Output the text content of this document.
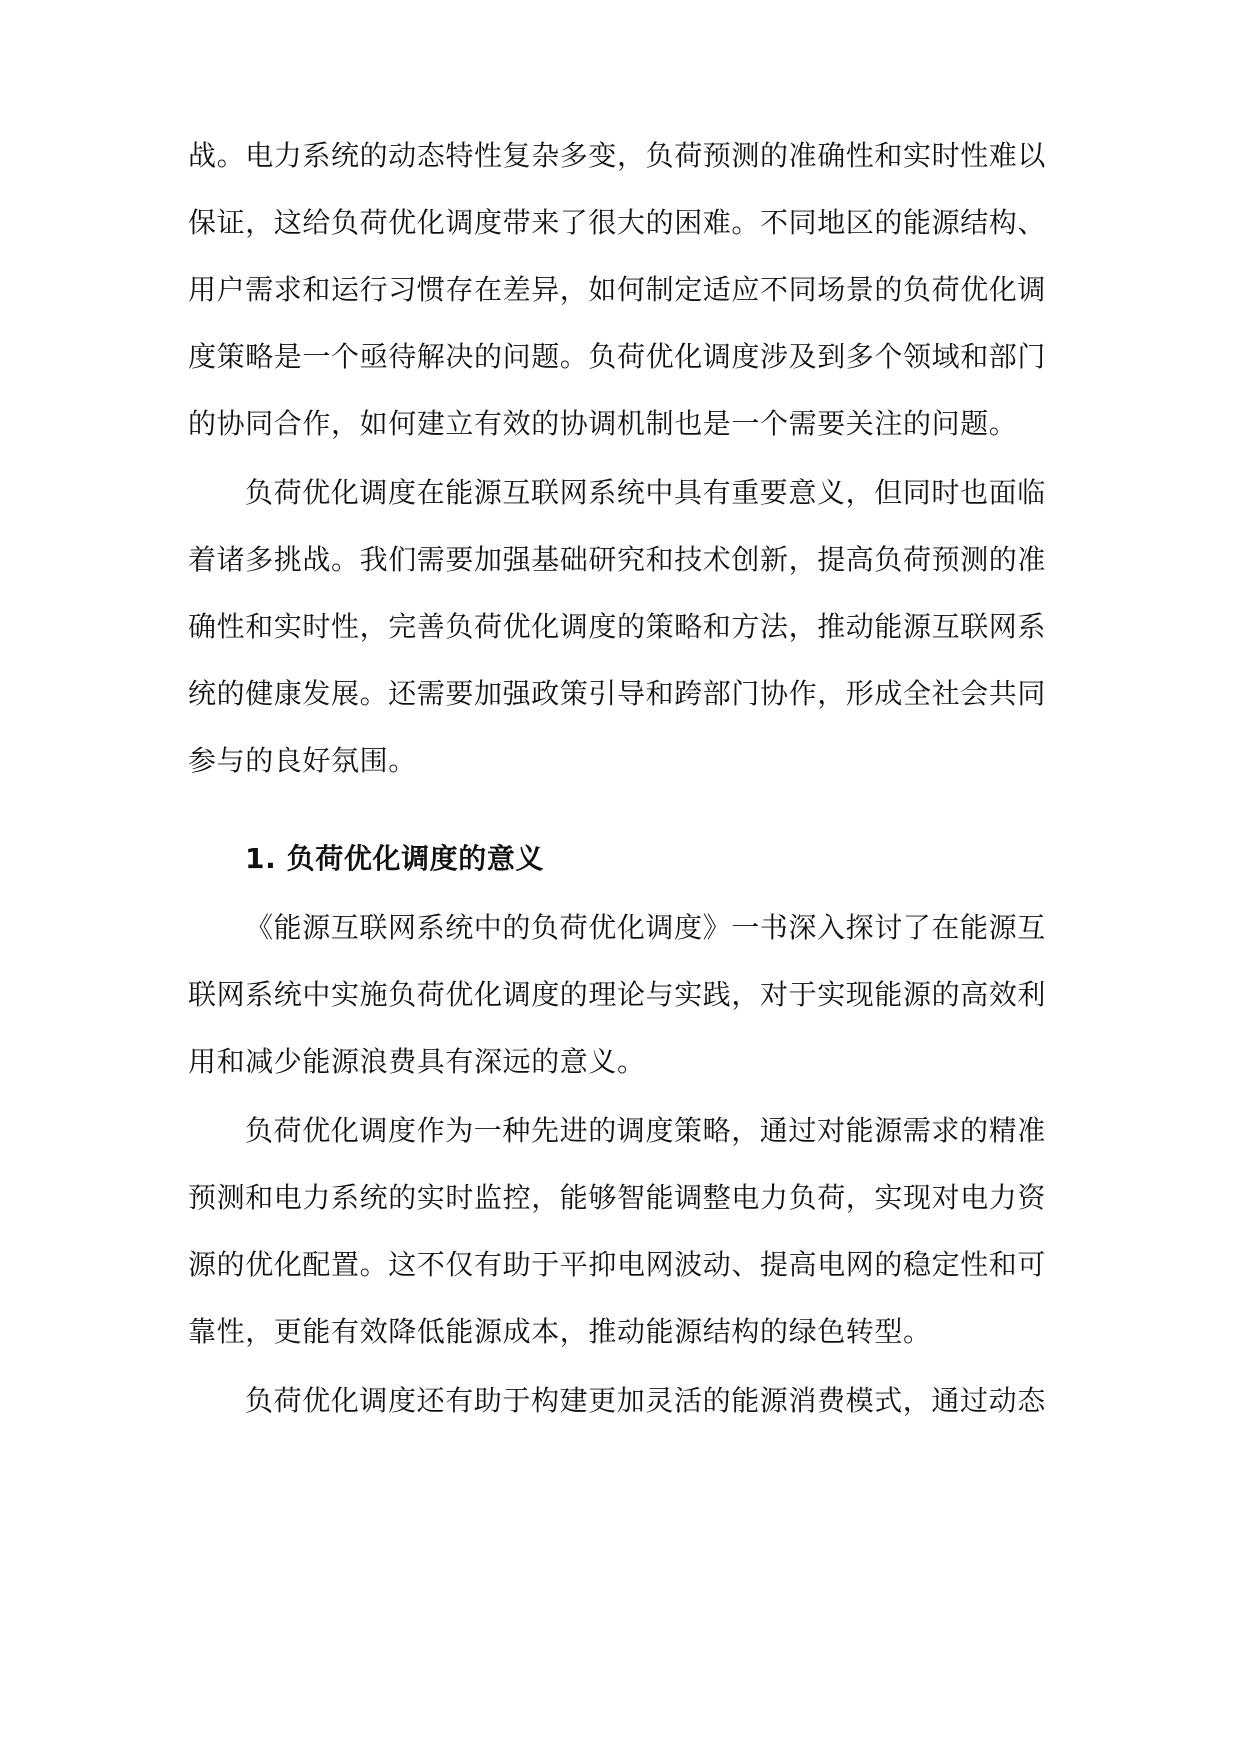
战。电力系统的动态特性复杂多变，负荷预测的准确性和实时性难以
保证，这给负荷优化调度带来了很大的困难。不同地区的能源结构、
用户需求和运行习惯存在差异，如何制定适应不同场景的负荷优化调
度策略是一个亟待解决的问题。负荷优化调度涉及到多个领域和部门
的协同合作，如何建立有效的协调机制也是一个需要关注的问题。
负荷优化调度在能源互联网系统中具有重要意义，但同时也面临
着诸多挑战。我们需要加强基础研究和技术创新，提高负荷预测的准
确性和实时性，完善负荷优化调度的策略和方法，推动能源互联网系
统的健康发展。还需要加强政策引导和跨部门协作，形成全社会共同
参与的良好氛围。
1. 负荷优化调度的意义
《能源互联网系统中的负荷优化调度》一书深入探讨了在能源互
联网系统中实施负荷优化调度的理论与实践，对于实现能源的高效利
用和减少能源浪费具有深远的意义。
负荷优化调度作为一种先进的调度策略，通过对能源需求的精准
预测和电力系统的实时监控，能够智能调整电力负荷，实现对电力资
源的优化配置。这不仅有助于平抑电网波动、提高电网的稳定性和可
靠性，更能有效降低能源成本，推动能源结构的绿色转型。
负荷优化调度还有助于构建更加灵活的能源消费模式，通过动态
